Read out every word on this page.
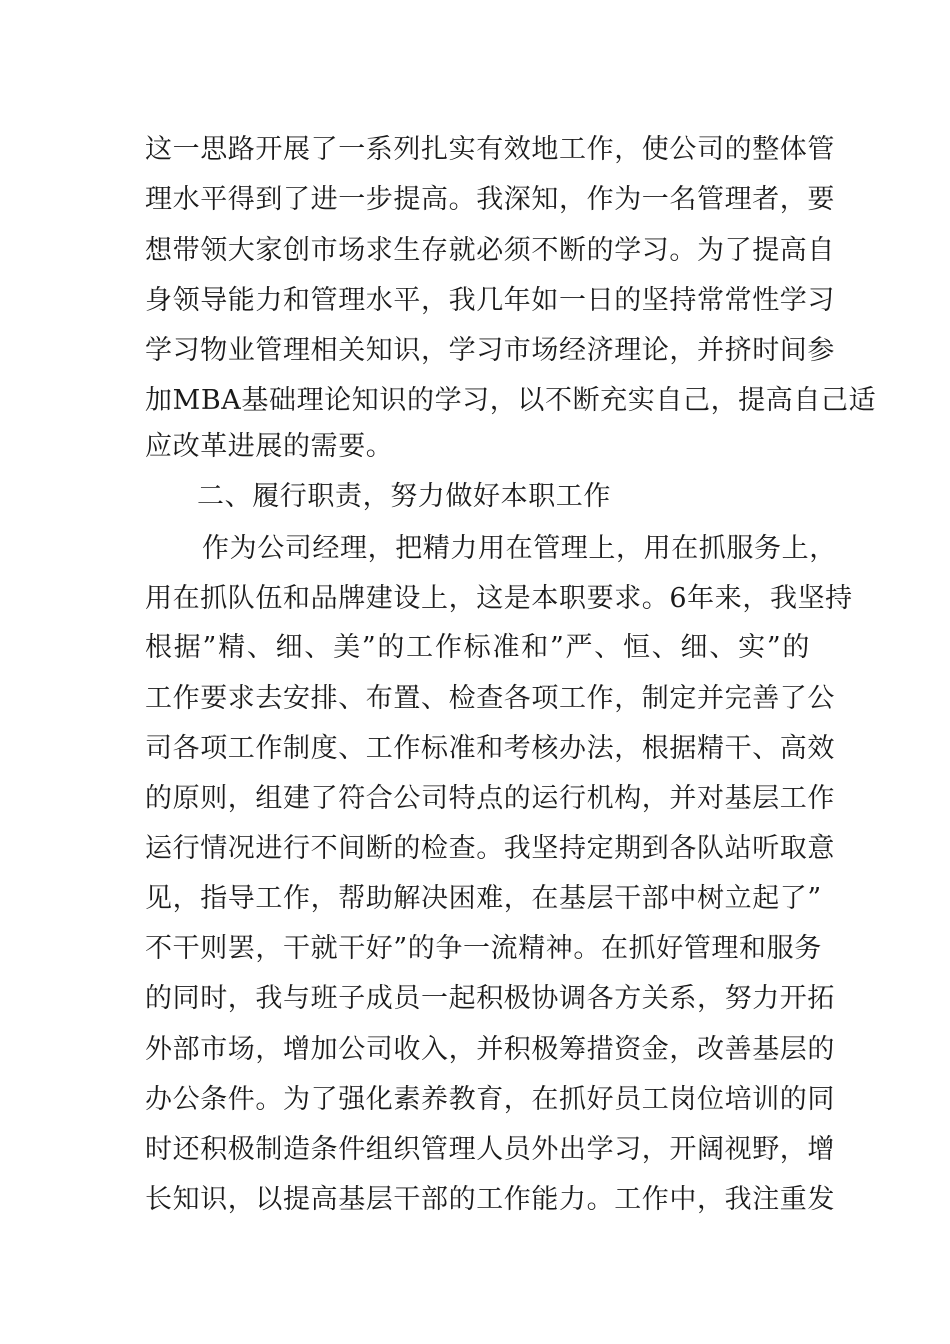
这一思路开展了一系列扎实有效地工作，使公司的整体管
理水平得到了进一步提高。我深知，作为一名管理者，要
想带领大家创市场求生存就必须不断的学习。为了提高自
身领导能力和管理水平，我几年如一日的坚持常常性学习
学习物业管理相关知识，学习市场经济理论，并挤时间参
加MBA基础理论知识的学习，以不断充实自己，提高自己适
应改革进展的需要。
二、履行职责，努力做好本职工作
作为公司经理，把精力用在管理上，用在抓服务上，
用在抓队伍和品牌建设上，这是本职要求。6年来，我坚持
根据”精、细、美”的工作标准和”严、恒、细、实”的
工作要求去安排、布置、检查各项工作，制定并完善了公
司各项工作制度、工作标准和考核办法，根据精干、高效
的原则，组建了符合公司特点的运行机构，并对基层工作
运行情况进行不间断的检查。我坚持定期到各队站听取意
见，指导工作，帮助解决困难，在基层干部中树立起了”
不干则罢，干就干好”的争一流精神。在抓好管理和服务
的同时，我与班子成员一起积极协调各方关系，努力开拓
外部市场，增加公司收入，并积极筹措资金，改善基层的
办公条件。为了强化素养教育，在抓好员工岗位培训的同
时还积极制造条件组织管理人员外出学习，开阔视野，增
长知识，以提高基层干部的工作能力。工作中，我注重发
